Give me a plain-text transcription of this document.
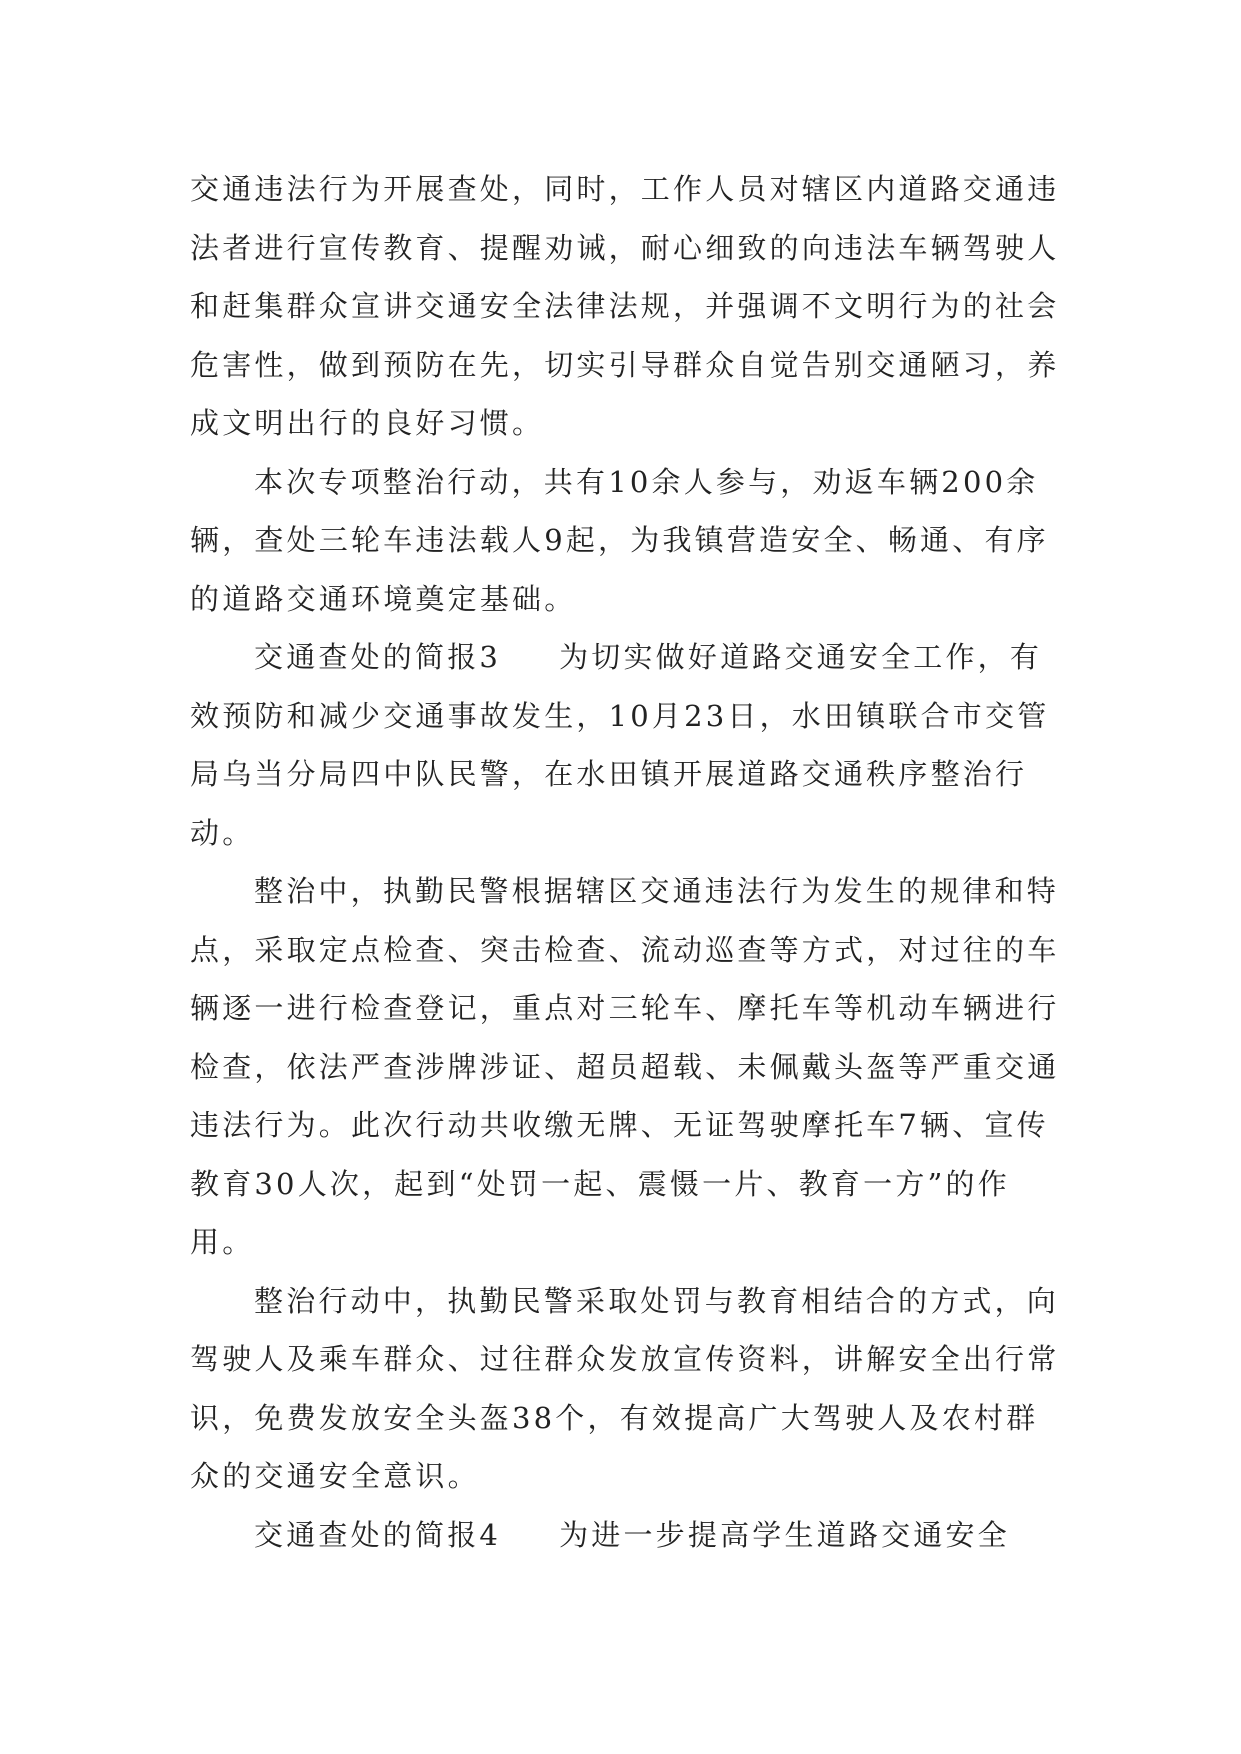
交通违法行为开展查处，同时，工作人员对辖区内道路交通违法者进行宣传教育、提醒劝诫，耐心细致的向违法车辆驾驶人和赶集群众宣讲交通安全法律法规，并强调不文明行为的社会危害性，做到预防在先，切实引导群众自觉告别交通陋习，养成文明出行的良好习惯。

本次专项整治行动，共有10余人参与，劝返车辆200余辆，查处三轮车违法载人9起，为我镇营造安全、畅通、有序的道路交通环境奠定基础。

交通查处的简报3 为切实做好道路交通安全工作，有效预防和减少交通事故发生，10月23日，水田镇联合市交管局乌当分局四中队民警，在水田镇开展道路交通秩序整治行动。

整治中，执勤民警根据辖区交通违法行为发生的规律和特点，采取定点检查、突击检查、流动巡查等方式，对过往的车辆逐一进行检查登记，重点对三轮车、摩托车等机动车辆进行检查，依法严查涉牌涉证、超员超载、未佩戴头盔等严重交通违法行为。此次行动共收缴无牌、无证驾驶摩托车7辆、宣传教育30人次，起到“处罚一起、震慑一片、教育一方”的作用。

整治行动中，执勤民警采取处罚与教育相结合的方式，向驾驶人及乘车群众、过往群众发放宣传资料，讲解安全出行常识，免费发放安全头盔38个，有效提高广大驾驶人及农村群众的交通安全意识。

交通查处的简报4 为进一步提高学生道路交通安全
